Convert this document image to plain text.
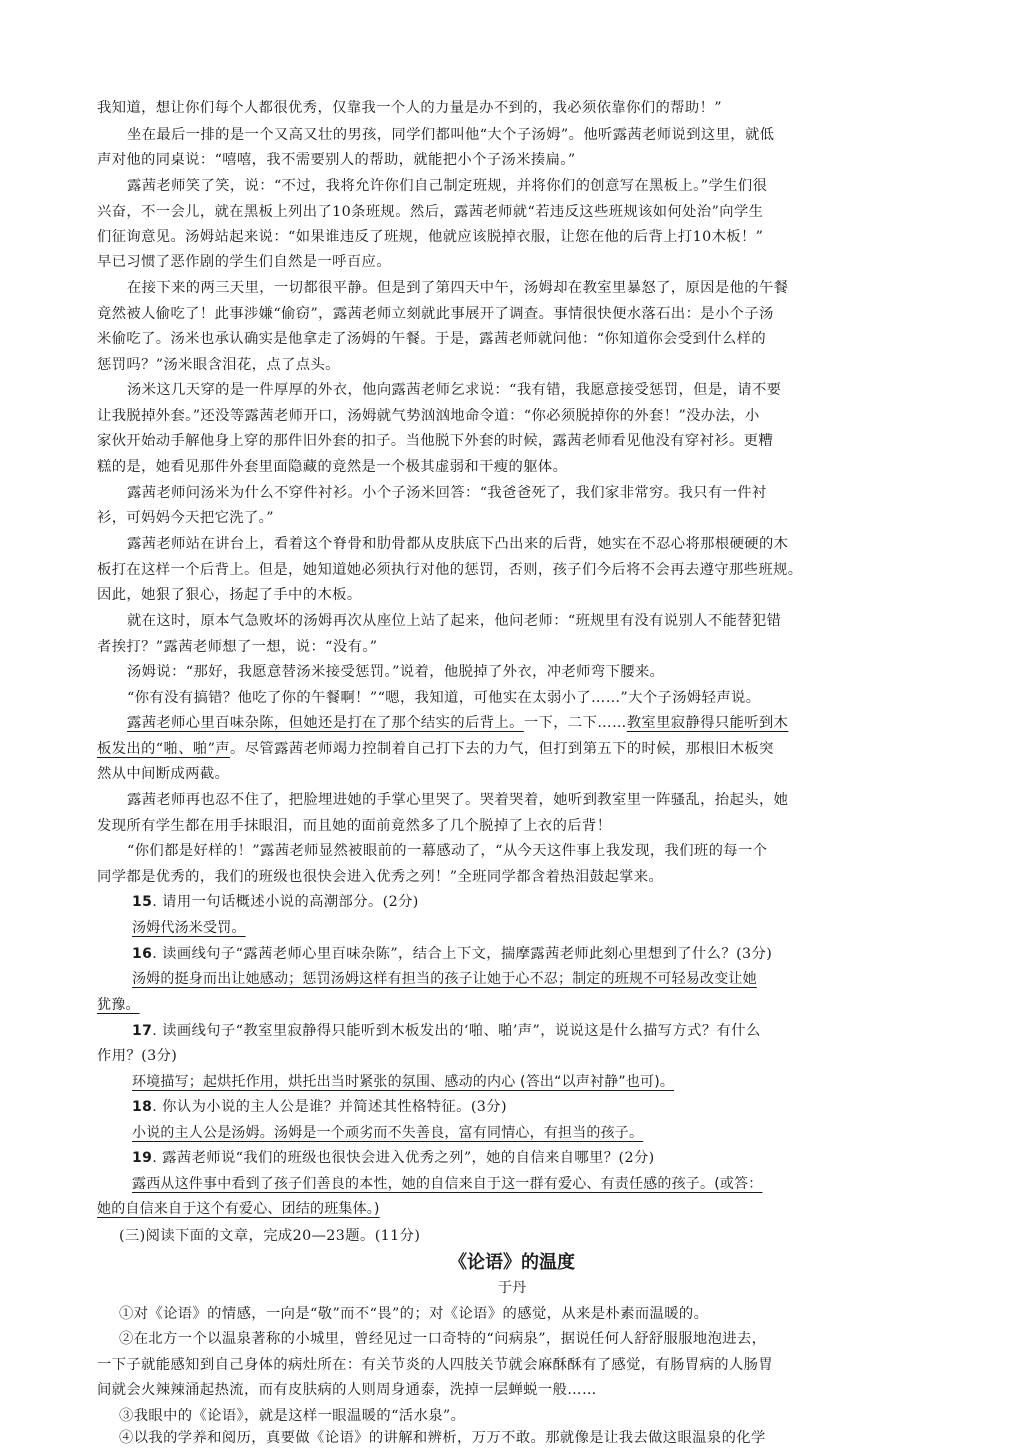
我知道，想让你们每个人都很优秀，仅靠我一个人的力量是办不到的，我必须依靠你们的帮助！”
坐在最后一排的是一个又高又壮的男孩，同学们都叫他“大个子汤姆”。他听露茜老师说到这里，就低
声对他的同桌说：“嘻嘻，我不需要别人的帮助，就能把小个子汤米揍扁。”
露茜老师笑了笑，说：“不过，我将允许你们自己制定班规，并将你们的创意写在黑板上。”学生们很
兴奋，不一会儿，就在黑板上列出了10条班规。然后，露茜老师就“若违反这些班规该如何处治”向学生
们征询意见。汤姆站起来说：“如果谁违反了班规，他就应该脱掉衣服，让您在他的后背上打10木板！”
早已习惯了恶作剧的学生们自然是一呼百应。
在接下来的两三天里，一切都很平静。但是到了第四天中午，汤姆却在教室里暴怒了，原因是他的午餐
竟然被人偷吃了！此事涉嫌“偷窃”，露茜老师立刻就此事展开了调查。事情很快便水落石出：是小个子汤
米偷吃了。汤米也承认确实是他拿走了汤姆的午餐。于是，露茜老师就问他：“你知道你会受到什么样的
惩罚吗？”汤米眼含泪花，点了点头。
汤米这几天穿的是一件厚厚的外衣，他向露茜老师乞求说：“我有错，我愿意接受惩罚，但是，请不要
让我脱掉外套。”还没等露茜老师开口，汤姆就气势汹汹地命令道：“你必须脱掉你的外套！”没办法，小
家伙开始动手解他身上穿的那件旧外套的扣子。当他脱下外套的时候，露茜老师看见他没有穿衬衫。更糟
糕的是，她看见那件外套里面隐藏的竟然是一个极其虚弱和干瘦的躯体。
露茜老师问汤米为什么不穿件衬衫。小个子汤米回答：“我爸爸死了，我们家非常穷。我只有一件衬
衫，可妈妈今天把它洗了。”
露茜老师站在讲台上，看着这个脊骨和肋骨都从皮肤底下凸出来的后背，她实在不忍心将那根硬硬的木
板打在这样一个后背上。但是，她知道她必须执行对他的惩罚，否则，孩子们今后将不会再去遵守那些班规。
因此，她狠了狠心，扬起了手中的木板。
就在这时，原本气急败坏的汤姆再次从座位上站了起来，他问老师：“班规里有没有说别人不能替犯错
者挨打？”露茜老师想了一想，说：“没有。”
汤姆说：“那好，我愿意替汤米接受惩罚。”说着，他脱掉了外衣，冲老师弯下腰来。
“你有没有搞错？他吃了你的午餐啊！”“嗯，我知道，可他实在太弱小了……”大个子汤姆轻声说。
露茜老师心里百味杂陈，但她还是打在了那个结实的后背上。一下，二下……教室里寂静得只能听到木
板发出的“啪、啪”声。尽管露茜老师竭力控制着自己打下去的力气，但打到第五下的时候，那根旧木板突
然从中间断成两截。
露茜老师再也忍不住了，把脸埋进她的手掌心里哭了。哭着哭着，她听到教室里一阵骚乱，抬起头，她
发现所有学生都在用手抹眼泪，而且她的面前竟然多了几个脱掉了上衣的后背！
“你们都是好样的！”露茜老师显然被眼前的一幕感动了，“从今天这件事上我发现，我们班的每一个
同学都是优秀的，我们的班级也很快会进入优秀之列！”全班同学都含着热泪鼓起掌来。
15. 请用一句话概述小说的高潮部分。(2分)
汤姆代汤米受罚。
16. 读画线句子“露茜老师心里百味杂陈”，结合上下文，揣摩露茜老师此刻心里想到了什么？(3分)
汤姆的挺身而出让她感动；惩罚汤姆这样有担当的孩子让她于心不忍；制定的班规不可轻易改变让她
犹豫。
17. 读画线句子“教室里寂静得只能听到木板发出的‘啪、啪’声”，说说这是什么描写方式？有什么
作用？(3分)
环境描写；起烘托作用，烘托出当时紧张的氛围、感动的内心 (答出“以声衬静”也可)。
18. 你认为小说的主人公是谁？并简述其性格特征。(3分)
小说的主人公是汤姆。汤姆是一个顽劣而不失善良，富有同情心，有担当的孩子。
19. 露茜老师说“我们的班级也很快会进入优秀之列”，她的自信来自哪里？(2分)
露西从这件事中看到了孩子们善良的本性，她的自信来自于这一群有爱心、有责任感的孩子。(或答：
她的自信来自于这个有爱心、团结的班集体。)
(三)阅读下面的文章，完成20—23题。(11分)
《论语》的温度
于丹
①对《论语》的情感，一向是“敬”而不“畏”的；对《论语》的感觉，从来是朴素而温暖的。
②在北方一个以温泉著称的小城里，曾经见过一口奇特的“问病泉”，据说任何人舒舒服服地泡进去，
一下子就能感知到自己身体的病灶所在：有关节炎的人四肢关节就会麻酥酥有了感觉，有肠胃病的人肠胃
间就会火辣辣涌起热流，而有皮肤病的人则周身通泰，洗掉一层蝉蜕一般……
③我眼中的《论语》，就是这样一眼温暖的“活水泉”。
④以我的学养和阅历，真要做《论语》的讲解和辨析，万万不敢。那就像是让我去做这眼温泉的化学
